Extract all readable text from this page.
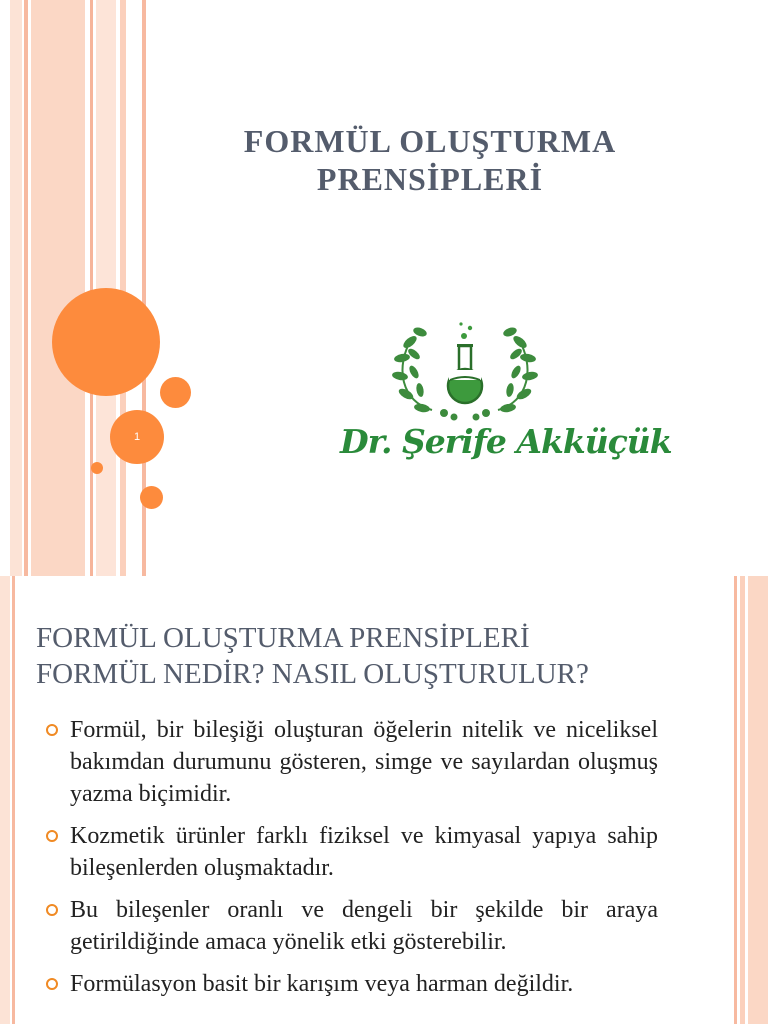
1
FORMÜL OLUŞTURMA
PRENSİPLERİ
Dr. Şerife Akküçük
FORMÜL OLUŞTURMA PRENSİPLERİ
FORMÜL NEDİR? NASIL OLUŞTURULUR?
Formül, bir bileşiği oluşturan öğelerin nitelik ve niceliksel bakımdan durumunu gösteren, simge ve sayılardan oluşmuş yazma biçimidir.
Kozmetik ürünler farklı fiziksel ve kimyasal yapıya sahip bileşenlerden oluşmaktadır.
Bu bileşenler oranlı ve dengeli bir şekilde bir araya getirildiğinde amaca yönelik etki gösterebilir.
Formülasyon basit bir karışım veya harman değildir.
